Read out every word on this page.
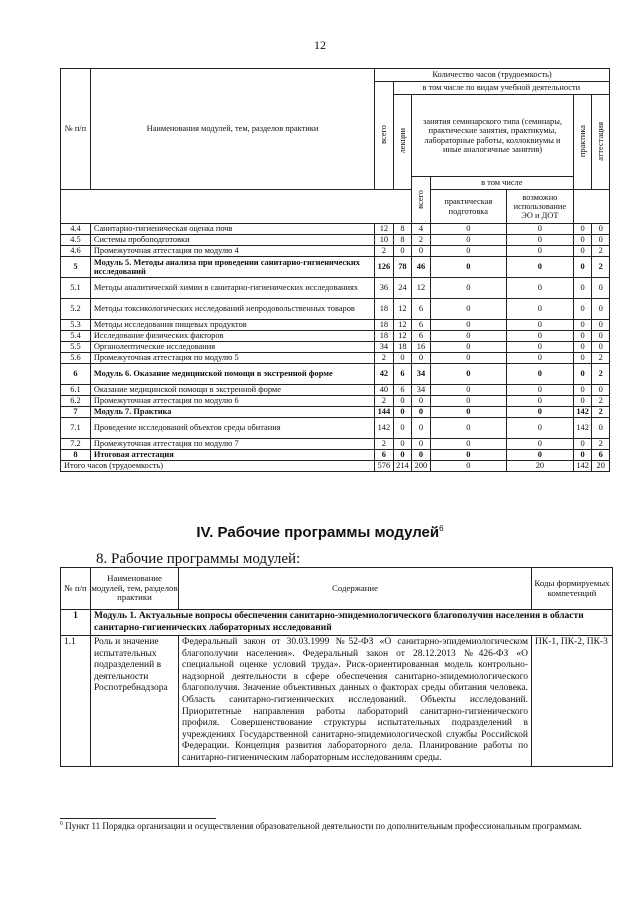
12
№ п/п	Наименования модулей, тем, разделов практики	Количество часов (трудоемкость)						
		всего	в том числе по видам учебной деятельности					
			лекции	занятия семинарского типа (семинары, практические занятия, практикумы, лабораторные работы, коллоквиумы и иные аналогичные занятия)			практика	аттестация
				всего	в том числе			
					практическая подготовка	возможно использование ЭО и ДОТ		
4.4	Санитарно-гигиеническая оценка почв	12	8	4	0	0	0	0
4.5	Системы пробоподготовки	10	8	2	0	0	0	0
4.6	Промежуточная аттестация по модулю 4	2	0	0	0	0	0	2
5	Модуль 5. Методы анализа при проведении санитарно-гигиенических исследований	126	78	46	0	0	0	2
5.1	Методы аналитической химии в санитарно-гигиенических исследованиях	36	24	12	0	0	0	0
5.2	Методы токсикологических исследований непродовольственных товаров	18	12	6	0	0	0	0
5.3	Методы исследования пищевых продуктов	18	12	6	0	0	0	0
5.4	Исследование физических факторов	18	12	6	0	0	0	0
5.5	Органолептические исследования	34	18	16	0	0	0	0
5.6	Промежуточная аттестация по модулю 5	2	0	0	0	0	0	2
6	Модуль 6. Оказание медицинской помощи в экстренной форме	42	6	34	0	0	0	2
6.1	Оказание медицинской помощи в экстренной форме	40	6	34	0	0	0	0
6.2	Промежуточная аттестация по модулю 6	2	0	0	0	0	0	2
7	Модуль 7. Практика	144	0	0	0	0	142	2
7.1	Проведение исследований объектов среды обитания	142	0	0	0	0	142	0
7.2	Промежуточная аттестация по модулю 7	2	0	0	0	0	0	2
8	Итоговая аттестация	6	0	0	0	0	0	6
Итого часов (трудоемкость)		576	214	200	0	20	142	20
IV. Рабочие программы модулей$^6$
8. Рабочие программы модулей:
№ п/п	Наименование модулей, тем, разделов практики	Содержание	Коды формируемых компетенций
1	Модуль 1. Актуальные вопросы обеспечения санитарно-эпидемиологического благополучия населения в области санитарно-гигиенических лабораторных исследований		
1.1	Роль и значение испытательных подразделений в деятельности Роспотребнадзора	Федеральный закон от 30.03.1999 №52-ФЗ «О санитарно-эпидемиологическом благополучии населения». Федеральный закон от 28.12.2013 №426-ФЗ «О специальной оценке условий труда». Риск-ориентированная модель контрольно-надзорной деятельности в сфере обеспечения санитарно-эпидемиологического благополучия. Значение объективных данных о факторах среды обитания человека. Область санитарно-гигиенических исследований. Объекты исследований. Приоритетные направления работы лабораторий санитарно-гигиенического профиля. Совершенствование структуры испытательных подразделений в учреждениях Государственной санитарно-эпидемиологической службы Российской Федерации. Концепция развития лабораторного дела. Планирование работы по санитарно-гигиеническим лабораторным исследованиям среды.	ПК-1, ПК-2, ПК-3
$^6$ Пункт 11 Порядка организации и осуществления образовательной деятельности по дополнительным профессиональным программам.
